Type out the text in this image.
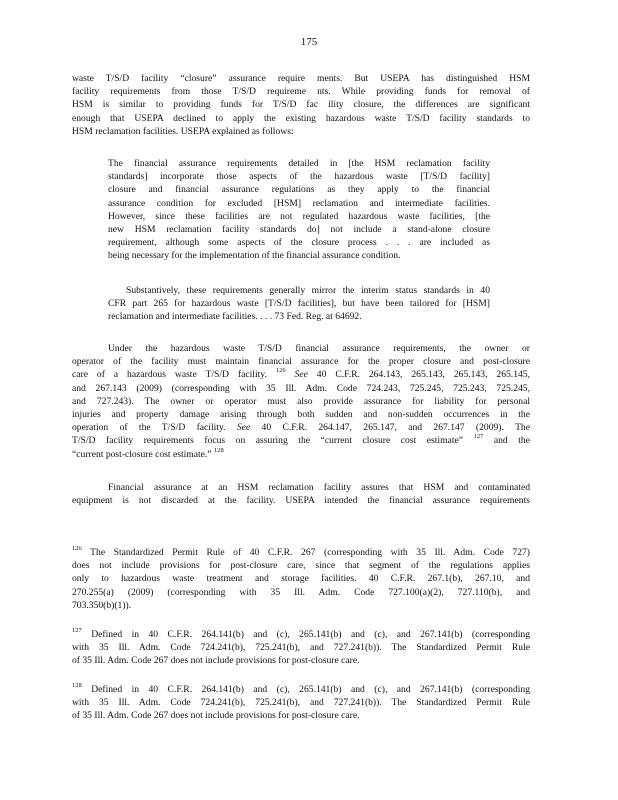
175
waste T/S/D facility “closure” assurance require ments. But USEPA has distinguished HSM
facility requirements from those T/S/D requireme nts. While providing funds for removal of
HSM is similar to providing funds for T/S/D fac ility closure, the differences are significant
enough that USEPA declined to apply the existing hazardous waste T/S/D facility standards to
HSM reclamation facilities. USEPA explained as follows:
The financial assurance requirements detailed in [the HSM reclamation facility
standards] incorporate those aspects of the hazardous waste [T/S/D facility]
closure and financial assurance regulations as they apply to the financial
assurance condition for excluded [HSM] reclamation and intermediate facilities.
However, since these facilities are not regulated hazardous waste facilities, [the
new HSM reclamation facility standards do] not include a stand-alone closure
requirement, although some aspects of the closure process . . . are included as
being necessary for the implementation of the financial assurance condition.
Substantively, these requirements generally mirror the interim status standards in 40
CFR part 265 for hazardous waste [T/S/D facilities], but have been tailored for [HSM]
reclamation and intermediate facilities. . . . 73 Fed. Reg. at 64692.
Under the hazardous waste T/S/D financial assurance requirements, the owner or
operator of the facility must maintain financial assurance for the proper closure and post-closure
care of a hazardous waste T/S/D facility. $^{126}$ See 40 C.F.R. 264.143, 265.143, 265.143, 265.145,
and 267.143 (2009) (corresponding with 35 Ill. Adm. Code 724.243, 725.245, 725.243, 725.245,
and 727.243). The owner or operator must also provide assurance for liability for personal
injuries and property damage arising through both sudden and non-sudden occurrences in the
operation of the T/S/D facility. See 40 C.F.R. 264.147, 265.147, and 267.147 (2009). The
T/S/D facility requirements focus on assuring the “current closure cost estimate” $^{127}$ and the
“current post-closure cost estimate.” $^{128}$
Financial assurance at an HSM reclamation facility assures that HSM and contaminated
equipment is not discarded at the facility. USEPA intended the financial assurance requirements
$^{126}$ The Standardized Permit Rule of 40 C.F.R. 267 (corresponding with 35 Ill. Adm. Code 727)
does not include provisions for post-closure care, since that segment of the regulations applies
only to hazardous waste treatment and storage facilities. 40 C.F.R. 267.1(b), 267.10, and
270.255(a) (2009) (corresponding with 35 Ill. Adm. Code 727.100(a)(2), 727.110(b), and
703.350(b)(1)).
$^{127}$ Defined in 40 C.F.R. 264.141(b) and (c), 265.141(b) and (c), and 267.141(b) (corresponding
with 35 Ill. Adm. Code 724.241(b), 725.241(b), and 727.241(b)). The Standardized Permit Rule
of 35 Ill. Adm. Code 267 does not include provisions for post-closure care.
$^{128}$ Defined in 40 C.F.R. 264.141(b) and (c), 265.141(b) and (c), and 267.141(b) (corresponding
with 35 Ill. Adm. Code 724.241(b), 725.241(b), and 727.241(b)). The Standardized Permit Rule
of 35 Ill. Adm. Code 267 does not include provisions for post-closure care.
